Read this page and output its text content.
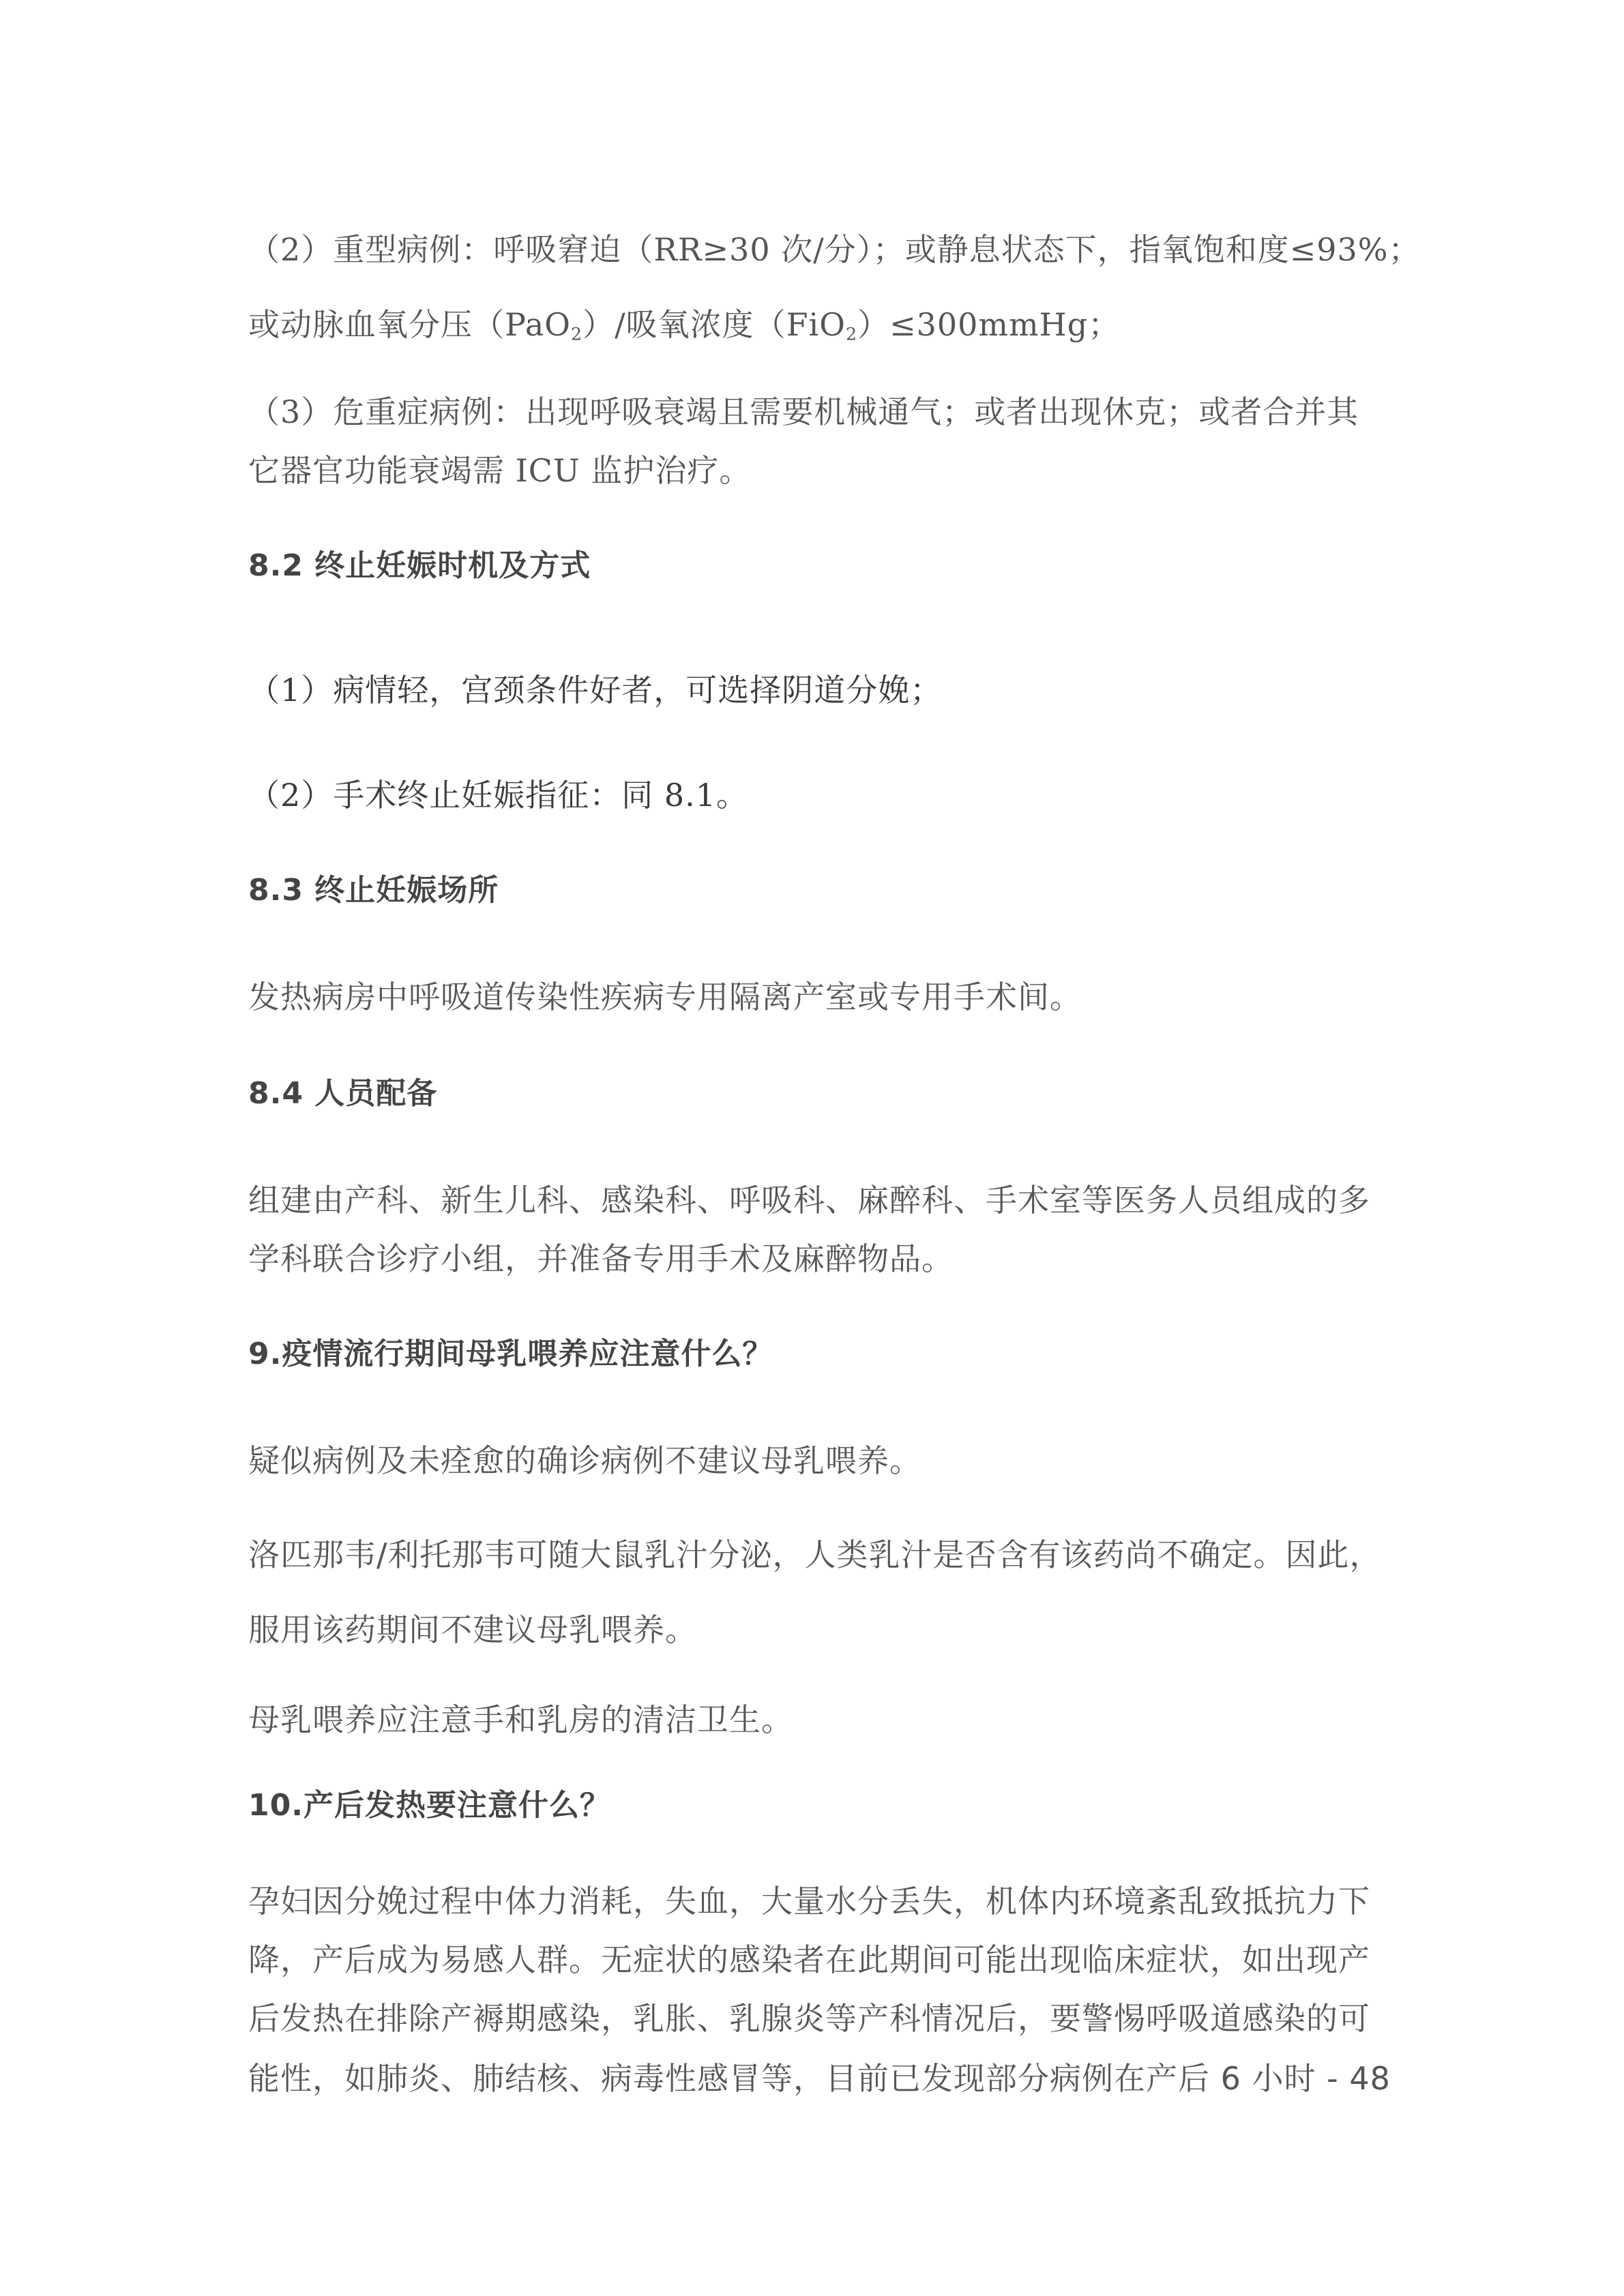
（2）重型病例：呼吸窘迫（RR≥30 次/分）；或静息状态下，指氧饱和度≤93%；
或动脉血氧分压（PaO$_2$）/吸氧浓度（FiO$_2$）≤300mmHg；
（3）危重症病例：出现呼吸衰竭且需要机械通气；或者出现休克；或者合并其
它器官功能衰竭需 ICU 监护治疗。
8.2 终止妊娠时机及方式
（1）病情轻，宫颈条件好者，可选择阴道分娩；
（2）手术终止妊娠指征：同 8.1。
8.3 终止妊娠场所
发热病房中呼吸道传染性疾病专用隔离产室或专用手术间。
8.4 人员配备
组建由产科、新生儿科、感染科、呼吸科、麻醉科、手术室等医务人员组成的多
学科联合诊疗小组，并准备专用手术及麻醉物品。
9.疫情流行期间母乳喂养应注意什么？
疑似病例及未痊愈的确诊病例不建议母乳喂养。
洛匹那韦/利托那韦可随大鼠乳汁分泌，人类乳汁是否含有该药尚不确定。因此，
服用该药期间不建议母乳喂养。
母乳喂养应注意手和乳房的清洁卫生。
10.产后发热要注意什么？
孕妇因分娩过程中体力消耗，失血，大量水分丢失，机体内环境紊乱致抵抗力下
降，产后成为易感人群。无症状的感染者在此期间可能出现临床症状，如出现产
后发热在排除产褥期感染，乳胀、乳腺炎等产科情况后，要警惕呼吸道感染的可
能性，如肺炎、肺结核、病毒性感冒等，目前已发现部分病例在产后 6 小时 - 48
